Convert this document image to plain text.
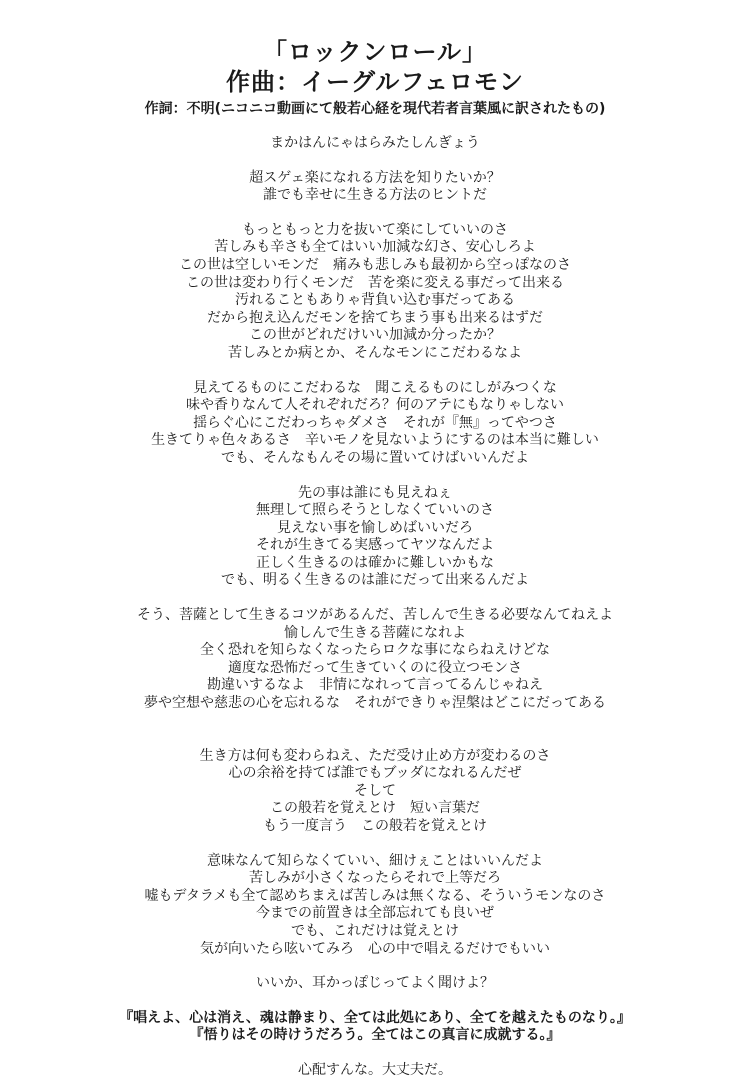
「ロックンロール」
作曲：イーグルフェロモン
作詞：不明(ニコニコ動画にて般若心経を現代若者言葉風に訳されたもの)
まかはんにゃはらみたしんぎょう
超スゲェ楽になれる方法を知りたいか？
誰でも幸せに生きる方法のヒントだ
もっともっと力を抜いて楽にしていいのさ
苦しみも辛さも全てはいい加減な幻さ、安心しろよ
この世は空しいモンだ　痛みも悲しみも最初から空っぽなのさ
この世は変わり行くモンだ　苦を楽に変える事だって出来る
汚れることもありゃ背負い込む事だってある
だから抱え込んだモンを捨てちまう事も出来るはずだ
この世がどれだけいい加減か分ったか？
苦しみとか病とか、そんなモンにこだわるなよ
見えてるものにこだわるな　聞こえるものにしがみつくな
味や香りなんて人それぞれだろ？何のアテにもなりゃしない
揺らぐ心にこだわっちゃダメさ　それが『無』ってやつさ
生きてりゃ色々あるさ　辛いモノを見ないようにするのは本当に難しい
でも、そんなもんその場に置いてけばいいんだよ
先の事は誰にも見えねぇ
無理して照らそうとしなくていいのさ
見えない事を愉しめばいいだろ
それが生きてる実感ってヤツなんだよ
正しく生きるのは確かに難しいかもな
でも、明るく生きるのは誰にだって出来るんだよ
そう、菩薩として生きるコツがあるんだ、苦しんで生きる必要なんてねえよ
愉しんで生きる菩薩になれよ
全く恐れを知らなくなったらロクな事にならねえけどな
適度な恐怖だって生きていくのに役立つモンさ
勘違いするなよ　非情になれって言ってるんじゃねえ
夢や空想や慈悲の心を忘れるな　それができりゃ涅槃はどこにだってある
生き方は何も変わらねえ、ただ受け止め方が変わるのさ
心の余裕を持てば誰でもブッダになれるんだぜ
そして
この般若を覚えとけ　短い言葉だ
もう一度言う　この般若を覚えとけ
意味なんて知らなくていい、細けぇことはいいんだよ
苦しみが小さくなったらそれで上等だろ
嘘もデタラメも全て認めちまえば苦しみは無くなる、そういうモンなのさ
今までの前置きは全部忘れても良いぜ
でも、これだけは覚えとけ
気が向いたら呟いてみろ　心の中で唱えるだけでもいい
いいか、耳かっぽじってよく聞けよ？
『唱えよ、心は消え、魂は静まり、全ては此処にあり、全てを越えたものなり。』
『悟りはその時けうだろう。全てはこの真言に成就する。』
心配すんな。大丈夫だ。
